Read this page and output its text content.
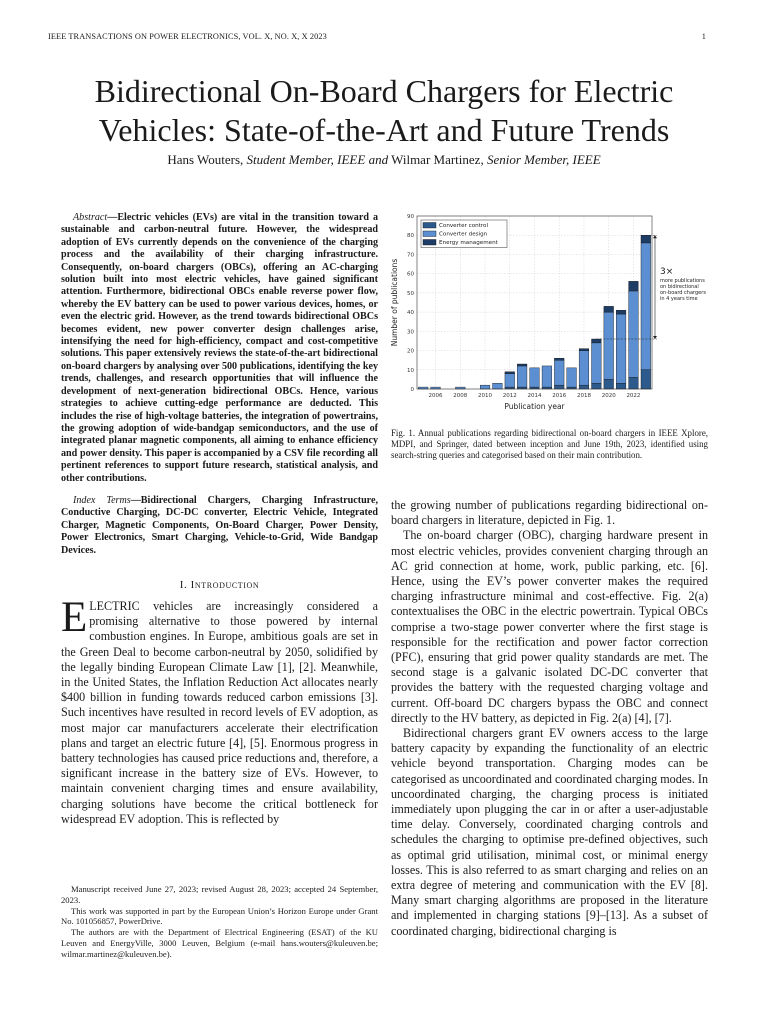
IEEE TRANSACTIONS ON POWER ELECTRONICS, VOL. X, NO. X, X 2023	1
Bidirectional On-Board Chargers for Electric
Vehicles: State-of-the-Art and Future Trends
Hans Wouters, Student Member, IEEE and Wilmar Martinez, Senior Member, IEEE

Abstract—Electric vehicles (EVs) are vital in the transition toward a sustainable and carbon-neutral future. However, the widespread adoption of EVs currently depends on the convenience of the charging process and the availability of their charging infrastructure. Consequently, on-board chargers (OBCs), offering an AC-charging solution built into most electric vehicles, have gained significant attention. Furthermore, bidirectional OBCs enable reverse power flow, whereby the EV battery can be used to power various devices, homes, or even the electric grid. However, as the trend towards bidirectional OBCs becomes evident, new power converter design challenges arise, intensifying the need for high-efficiency, compact and cost-competitive solutions. This paper extensively reviews the state-of-the-art bidirectional on-board chargers by analysing over 500 publications, identifying the key trends, challenges, and research opportunities that will influence the development of next-generation bidirectional OBCs. Hence, various strategies to achieve cutting-edge performance are deducted. This includes the rise of high-voltage batteries, the integration of powertrains, the growing adoption of wide-bandgap semiconductors, and the use of integrated planar magnetic components, all aiming to enhance efficiency and power density. This paper is accompanied by a CSV file recording all pertinent references to support future research, statistical analysis, and other contributions.

Index Terms—Bidirectional Chargers, Charging Infrastructure, Conductive Charging, DC-DC converter, Electric Vehicle, Integrated Charger, Magnetic Components, On-Board Charger, Power Density, Power Electronics, Smart Charging, Vehicle-to-Grid, Wide Bandgap Devices.

I. Introduction

ELECTRIC vehicles are increasingly considered a promising alternative to those powered by internal combustion engines. In Europe, ambitious goals are set in the Green Deal to become carbon-neutral by 2050, solidified by the legally binding European Climate Law [1], [2]. Meanwhile, in the United States, the Inflation Reduction Act allocates nearly $400 billion in funding towards reduced carbon emissions [3]. Such incentives have resulted in record levels of EV adoption, as most major car manufacturers accelerate their electrification plans and target an electric future [4], [5]. Enormous progress in battery technologies has caused price reductions and, therefore, a significant increase in the battery size of EVs. However, to maintain convenient charging times and ensure availability, charging solutions have become the critical bottleneck for widespread EV adoption. This is reflected by

Manuscript received June 27, 2023; revised August 28, 2023; accepted 24 September, 2023.

This work was supported in part by the European Union’s Horizon Europe under Grant No. 101056857, PowerDrive.

The authors are with the Department of Electrical Engineering (ESAT) of the KU Leuven and EnergyVille, 3000 Leuven, Belgium (e-mail hans.wouters@kuleuven.be; wilmar.martinez@kuleuven.be).

0
10
20
30
40
50
60
70
80
90
2006 2008 2010 2012 2014 2016 2018 2020 2022
Publication year
Number of publications
Converter control
Converter design
Energy management
3×
more publications
on bidirectional
on-board chargers
in 4 years time
Fig. 1. Annual publications regarding bidirectional on-board chargers in IEEE Xplore, MDPI, and Springer, dated between inception and June 19th, 2023, identified using search-string queries and categorised based on their main contribution.

the growing number of publications regarding bidirectional on-board chargers in literature, depicted in Fig. 1.

The on-board charger (OBC), charging hardware present in most electric vehicles, provides convenient charging through an AC grid connection at home, work, public parking, etc. [6]. Hence, using the EV’s power converter makes the required charging infrastructure minimal and cost-effective. Fig. 2(a) contextualises the OBC in the electric powertrain. Typical OBCs comprise a two-stage power converter where the first stage is responsible for the rectification and power factor correction (PFC), ensuring that grid power quality standards are met. The second stage is a galvanic isolated DC-DC converter that provides the battery with the requested charging voltage and current. Off-board DC chargers bypass the OBC and connect directly to the HV battery, as depicted in Fig. 2(a) [4], [7].

Bidirectional chargers grant EV owners access to the large battery capacity by expanding the functionality of an electric vehicle beyond transportation. Charging modes can be categorised as uncoordinated and coordinated charging modes. In uncoordinated charging, the charging process is initiated immediately upon plugging the car in or after a user-adjustable time delay. Conversely, coordinated charging controls and schedules the charging to optimise pre-defined objectives, such as optimal grid utilisation, minimal cost, or minimal energy losses. This is also referred to as smart charging and relies on an extra degree of metering and communication with the EV [8]. Many smart charging algorithms are proposed in the literature and implemented in charging stations [9]–[13]. As a subset of coordinated charging, bidirectional charging is
